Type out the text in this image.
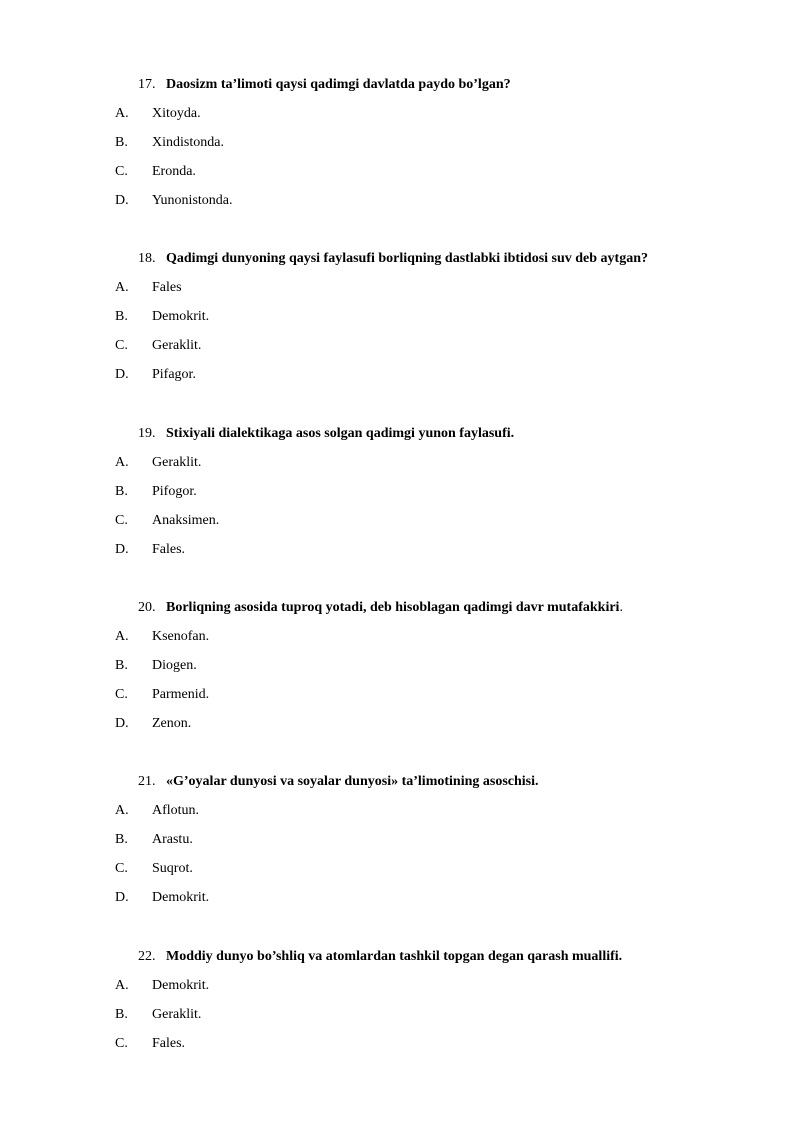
17. Daosizm ta’limoti qaysi qadimgi davlatda paydo bo’lgan?
A. Xitoyda.
B. Xindistonda.
C. Eronda.
D. Yunonistonda.
18. Qadimgi dunyoning qaysi faylasufi borliqning dastlabki ibtidosi suv deb aytgan?
A. Fales
B. Demokrit.
C. Geraklit.
D. Pifagor.
19. Stixiyali dialektikaga asos solgan qadimgi yunon faylasufi.
A. Geraklit.
B. Pifogor.
C. Anaksimen.
D. Fales.
20. Borliqning asosida tuproq yotadi, deb hisoblagan qadimgi davr mutafakkiri.
A. Ksenofan.
B. Diogen.
C. Parmenid.
D. Zenon.
21. «G’oyalar dunyosi va soyalar dunyosi» ta’limotining asoschisi.
A. Aflotun.
B. Arastu.
C. Suqrot.
D. Demokrit.
22. Moddiy dunyo bo’shliq va atomlardan tashkil topgan degan qarash muallifi.
A. Demokrit.
B. Geraklit.
C. Fales.
